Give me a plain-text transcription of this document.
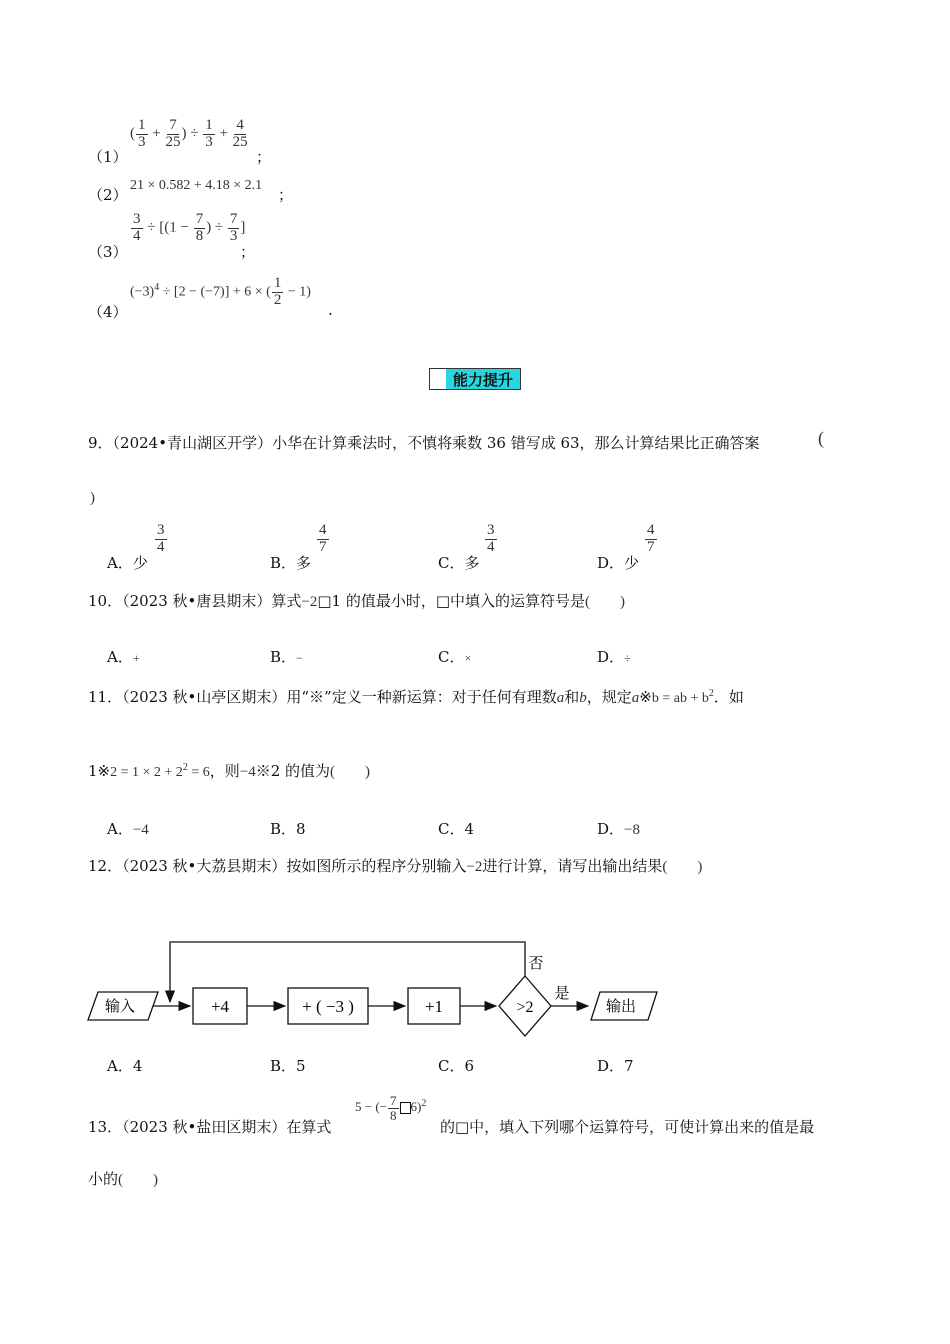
（1）
( $\frac{1}{3} + \frac{7}{25}$ ) ÷ $\frac{1}{3} + \frac{4}{25}$
；
（2）
21 × 0.582 + 4.18 × 2.1
；
（3）
$\frac{3}{4} \div [(1 - \frac{7}{8}$ ) ÷ $\frac{7}{3}$ ]
；
（4）
$(-3)^4 \div [2 - (-7)] + 6$ × ( $\frac{1}{2} - 1$)
.
能力提升
9．（2024•青山湖区开学）小华在计算乘法时，不慎将乘数 36 错写成 63，那么计算结果比正确答案	(
)
A．少
$\frac{3}{4}$
B．多
$\frac{4}{7}$
C．多
$\frac{3}{4}$
D．少
$\frac{4}{7}$
10．（2023 秋•唐县期末）算式−2□1 的值最小时，□中填入的运算符号是(　　)
A．+	B．−	C．×	D．÷
11．（2023 秋•山亭区期末）用“※”定义一种新运算：对于任何有理数a和b，规定a※b = ab + $b^2$．如
1※2 = $1 \times 2 + 2^2 = 6$，则−4※2 的值为(　　)
A．−4	B．8	C．4	D．−8
12．（2023 秋•大荔县期末）按如图所示的程序分别输入−2进行计算，请写出输出结果(　　)
输入	+4	+ ( −3 )	+1	>2
否
是
输出
A．4	B．5	C．6	D．7
13．（2023 秋•盐田区期末）在算式
5 − (− $\frac{7}{8} 6)^2$
的□中，填入下列哪个运算符号，可使计算出来的值是最
小的(　　)
